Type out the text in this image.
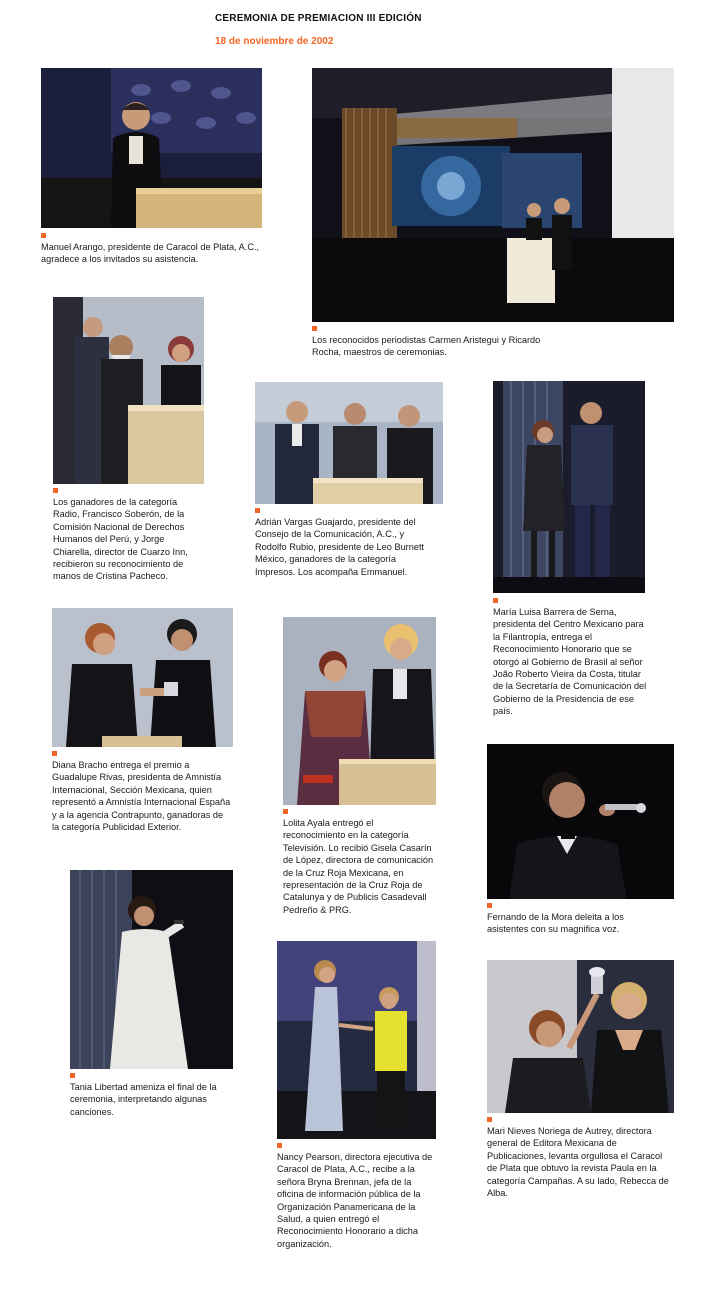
CEREMONIA DE PREMIACION III EDICIÓN
18 de noviembre de 2002
Manuel Arango, presidente de Caracol de Plata, A.C., agradece a los invitados su asistencia.
Los reconocidos periodistas Carmen Aristegui y Ricardo Rocha, maestros de ceremonias.
Los ganadores de la categoría Radio, Francisco Soberón, de la Comisión Nacional de Derechos Humanos del Perú, y Jorge Chiarella, director de Cuarzo Inn, recibieron su reconocimiento de manos de Cristina Pacheco.
Adrián Vargas Guajardo, presidente del Consejo de la Comunicación, A.C., y Rodolfo Rubio, presidente de Leo Burnett México, ganadores de la categoría Impresos. Los acompaña Emmanuel.
María Luisa Barrera de Serna, presidenta del Centro Mexicano para la Filantropía, entrega el Reconocimiento Honorario que se otorgó al Gobierno de Brasil al señor João Roberto Vieira da Costa, titular de la Secretaría de Comunicación del Gobierno de la Presidencia de ese país.
Diana Bracho entrega el premio a Guadalupe Rivas, presidenta de Amnistía Internacional, Sección Mexicana, quien representó a Amnistía Internacional España y a la agencia Contrapunto, ganadoras de la categoría Publicidad Exterior.	Lolita Ayala entregó el reconocimiento en la categoría Televisión. Lo recibió Gisela Casarín de López, directora de comunicación de la Cruz Roja Mexicana, en representación de la Cruz Roja de Catalunya y de Publicis Casadevall Pedreño & PRG.
Fernando de la Mora deleita a los asistentes con su magnifica voz.
Tania Libertad ameniza el final de la ceremonia, interpretando algunas canciones.
Nancy Pearson, directora ejecutiva de Caracol de Plata, A.C., recibe a la señora Bryna Brennan, jefa de la oficina de información pública de la Organización Panamericana de la Salud, a quien entregó el Reconocimiento Honorario a dicha organización.
Mari Nieves Noriega de Autrey, directora general de Editora Mexicana de Publicaciones, levanta orgullosa el Caracol de Plata que obtuvo la revista Paula en la categoría Campañas. A su lado, Rebecca de Alba.
